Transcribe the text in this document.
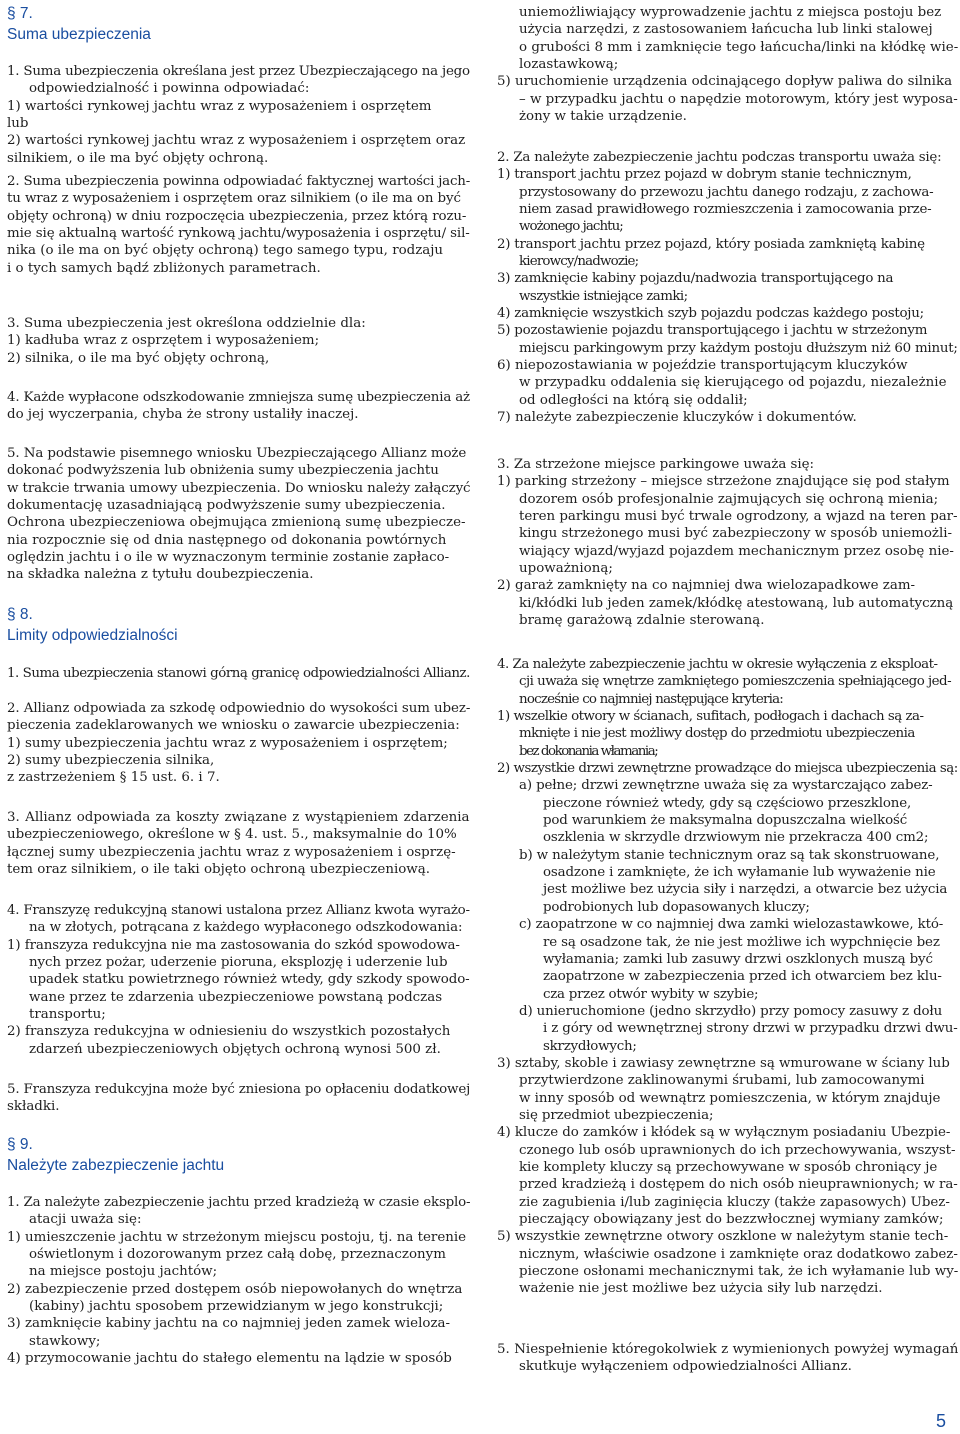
§ 7.
Suma ubezpieczenia
1. Suma ubezpieczenia określana jest przez Ubezpieczającego na jego
odpowiedzialność i powinna odpowiadać:
1) wartości rynkowej jachtu wraz z wyposażeniem i osprzętem
lub
2) wartości rynkowej jachtu wraz z wyposażeniem i osprzętem oraz
silnikiem, o ile ma być objęty ochroną.
2. Suma ubezpieczenia powinna odpowiadać faktycznej wartości jach-
tu wraz z wyposażeniem i osprzętem oraz silnikiem (o ile ma on być
objęty ochroną) w dniu rozpoczęcia ubezpieczenia, przez którą rozu-
mie się aktualną wartość rynkową jachtu/wyposażenia i osprzętu/ sil-
nika (o ile ma on być objęty ochroną) tego samego typu, rodzaju
i o tych samych bądź zbliżonych parametrach.
3. Suma ubezpieczenia jest określona oddzielnie dla:
1) kadłuba wraz z osprzętem i wyposażeniem;
2) silnika, o ile ma być objęty ochroną,
4. Każde wypłacone odszkodowanie zmniejsza sumę ubezpieczenia aż
do jej wyczerpania, chyba że strony ustaliły inaczej.
5. Na podstawie pisemnego wniosku Ubezpieczającego Allianz może
dokonać podwyższenia lub obniżenia sumy ubezpieczenia jachtu
w trakcie trwania umowy ubezpieczenia. Do wniosku należy załączyć
dokumentację uzasadniającą podwyższenie sumy ubezpieczenia.
Ochrona ubezpieczeniowa obejmująca zmienioną sumę ubezpiecze-
nia rozpocznie się od dnia następnego od dokonania powtórnych
oględzin jachtu i o ile w wyznaczonym terminie zostanie zapłaco-
na składka należna z tytułu doubezpieczenia.
§ 8.
Limity odpowiedzialności
1. Suma ubezpieczenia stanowi górną granicę odpowiedzialności Allianz.
2. Allianz odpowiada za szkodę odpowiednio do wysokości sum ubez-
pieczenia zadeklarowanych we wniosku o zawarcie ubezpieczenia:
1) sumy ubezpieczenia jachtu wraz z wyposażeniem i osprzętem;
2) sumy ubezpieczenia silnika,
z zastrzeżeniem § 15 ust. 6. i 7.
3. Allianz odpowiada za koszty związane z wystąpieniem zdarzenia
ubezpieczeniowego, określone w § 4. ust. 5., maksymalnie do 10%
łącznej sumy ubezpieczenia jachtu wraz z wyposażeniem i osprzę-
tem oraz silnikiem, o ile taki objęto ochroną ubezpieczeniową.
4. Franszyzę redukcyjną stanowi ustalona przez Allianz kwota wyrażo-
na w złotych, potrącana z każdego wypłaconego odszkodowania:
1) franszyza redukcyjna nie ma zastosowania do szkód spowodowa-
nych przez pożar, uderzenie pioruna, eksplozję i uderzenie lub
upadek statku powietrznego również wtedy, gdy szkody spowodo-
wane przez te zdarzenia ubezpieczeniowe powstaną podczas
transportu;
2) franszyza redukcyjna w odniesieniu do wszystkich pozostałych
zdarzeń ubezpieczeniowych objętych ochroną wynosi 500 zł.
5. Franszyza redukcyjna może być zniesiona po opłaceniu dodatkowej
składki.
§ 9.
Należyte zabezpieczenie jachtu
1. Za należyte zabezpieczenie jachtu przed kradzieżą w czasie eksplo-
atacji uważa się:
1) umieszczenie jachtu w strzeżonym miejscu postoju, tj. na terenie
oświetlonym i dozorowanym przez całą dobę, przeznaczonym
na miejsce postoju jachtów;
2) zabezpieczenie przed dostępem osób niepowołanych do wnętrza
(kabiny) jachtu sposobem przewidzianym w jego konstrukcji;
3) zamknięcie kabiny jachtu na co najmniej jeden zamek wieloza-
stawkowy;
4) przymocowanie jachtu do stałego elementu na lądzie w sposób
uniemożliwiający wyprowadzenie jachtu z miejsca postoju bez
użycia narzędzi, z zastosowaniem łańcucha lub linki stalowej
o grubości 8 mm i zamknięcie tego łańcucha/linki na kłódkę wie-
lozastawkową;
5) uruchomienie urządzenia odcinającego dopływ paliwa do silnika
– w przypadku jachtu o napędzie motorowym, który jest wyposa-
żony w takie urządzenie.
2. Za należyte zabezpieczenie jachtu podczas transportu uważa się:
1) transport jachtu przez pojazd w dobrym stanie technicznym,
przystosowany do przewozu jachtu danego rodzaju, z zachowa-
niem zasad prawidłowego rozmieszczenia i zamocowania prze-
wożonego jachtu;
2) transport jachtu przez pojazd, który posiada zamkniętą kabinę
kierowcy/nadwozie;
3) zamknięcie kabiny pojazdu/nadwozia transportującego na
wszystkie istniejące zamki;
4) zamknięcie wszystkich szyb pojazdu podczas każdego postoju;
5) pozostawienie pojazdu transportującego i jachtu w strzeżonym
miejscu parkingowym przy każdym postoju dłuższym niż 60 minut;
6) niepozostawiania w pojeździe transportującym kluczyków
w przypadku oddalenia się kierującego od pojazdu, niezależnie
od odległości na którą się oddalił;
7) należyte zabezpieczenie kluczyków i dokumentów.
3. Za strzeżone miejsce parkingowe uważa się:
1) parking strzeżony – miejsce strzeżone znajdujące się pod stałym
dozorem osób profesjonalnie zajmujących się ochroną mienia;
teren parkingu musi być trwale ogrodzony, a wjazd na teren par-
kingu strzeżonego musi być zabezpieczony w sposób uniemożli-
wiający wjazd/wyjazd pojazdem mechanicznym przez osobę nie-
upoważnioną;
2) garaż zamknięty na co najmniej dwa wielozapadkowe zam-
ki/kłódki lub jeden zamek/kłódkę atestowaną, lub automatyczną
bramę garażową zdalnie sterowaną.
4. Za należyte zabezpieczenie jachtu w okresie wyłączenia z eksploat-
cji uważa się wnętrze zamkniętego pomieszczenia spełniającego jed-
nocześnie co najmniej następujące kryteria:
1) wszelkie otwory w ścianach, sufitach, podłogach i dachach są za-
mknięte i nie jest możliwy dostęp do przedmiotu ubezpieczenia
bez dokonania włamania;
2) wszystkie drzwi zewnętrzne prowadzące do miejsca ubezpieczenia są:
a) pełne; drzwi zewnętrzne uważa się za wystarczająco zabez-
pieczone również wtedy, gdy są częściowo przeszklone,
pod warunkiem że maksymalna dopuszczalna wielkość
oszklenia w skrzydle drzwiowym nie przekracza 400 cm2;
b) w należytym stanie technicznym oraz są tak skonstruowane,
osadzone i zamknięte, że ich wyłamanie lub wyważenie nie
jest możliwe bez użycia siły i narzędzi, a otwarcie bez użycia
podrobionych lub dopasowanych kluczy;
c) zaopatrzone w co najmniej dwa zamki wielozastawkowe, któ-
re są osadzone tak, że nie jest możliwe ich wypchnięcie bez
wyłamania; zamki lub zasuwy drzwi oszklonych muszą być
zaopatrzone w zabezpieczenia przed ich otwarciem bez klu-
cza przez otwór wybity w szybie;
d) unieruchomione (jedno skrzydło) przy pomocy zasuwy z dołu
i z góry od wewnętrznej strony drzwi w przypadku drzwi dwu-
skrzydłowych;
3) sztaby, skoble i zawiasy zewnętrzne są wmurowane w ściany lub
przytwierdzone zaklinowanymi śrubami, lub zamocowanymi
w inny sposób od wewnątrz pomieszczenia, w którym znajduje
się przedmiot ubezpieczenia;
4) klucze do zamków i kłódek są w wyłącznym posiadaniu Ubezpie-
czonego lub osób uprawnionych do ich przechowywania, wszyst-
kie komplety kluczy są przechowywane w sposób chroniący je
przed kradzieżą i dostępem do nich osób nieuprawnionych; w ra-
zie zagubienia i/lub zaginięcia kluczy (także zapasowych) Ubez-
pieczający obowiązany jest do bezzwłocznej wymiany zamków;
5) wszystkie zewnętrzne otwory oszklone w należytym stanie tech-
nicznym, właściwie osadzone i zamknięte oraz dodatkowo zabez-
pieczone osłonami mechanicznymi tak, że ich wyłamanie lub wy-
ważenie nie jest możliwe bez użycia siły lub narzędzi.
5. Niespełnienie któregokolwiek z wymienionych powyżej wymagań
skutkuje wyłączeniem odpowiedzialności Allianz.
5
